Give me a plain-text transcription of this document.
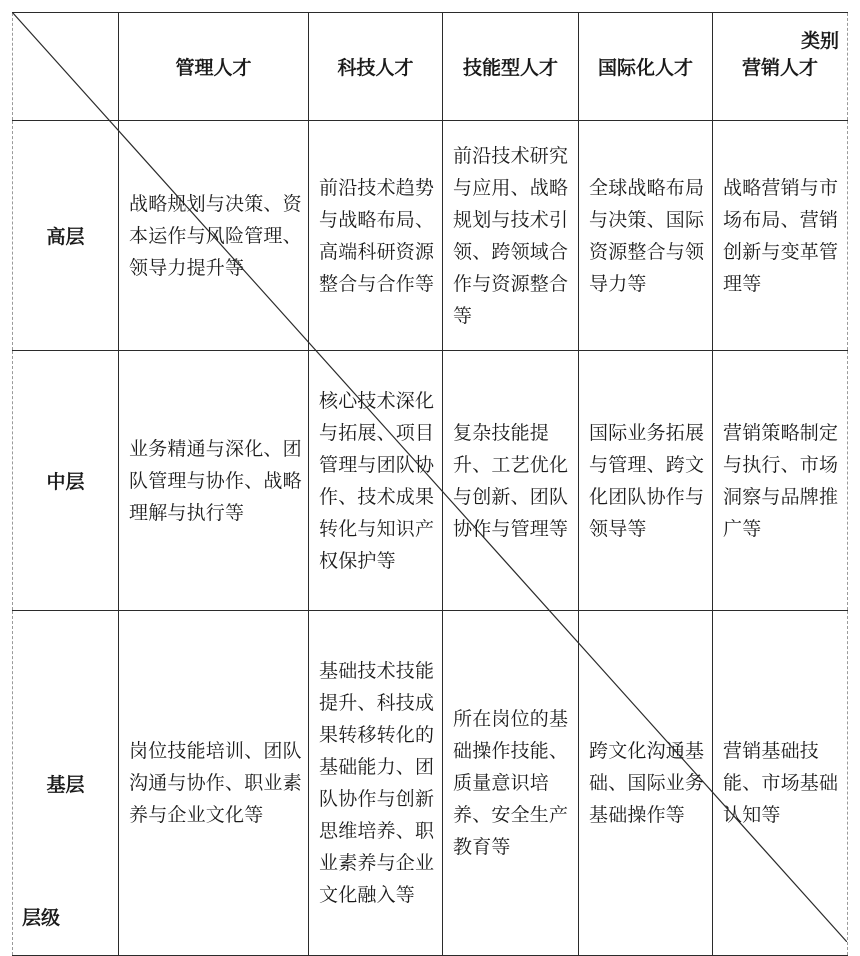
类别
层级	管理人才	科技人才	技能型人才	国际化人才	营销人才
高层	战略规划与决策、资本运作与风险管理、领导力提升等	前沿技术趋势与战略布局、高端科研资源整合与合作等	前沿技术研究与应用、战略规划与技术引领、跨领域合作与资源整合等	全球战略布局与决策、国际资源整合与领导力等	战略营销与市场布局、营销创新与变革管理等
中层	业务精通与深化、团队管理与协作、战略理解与执行等	核心技术深化与拓展、项目管理与团队协作、技术成果转化与知识产权保护等	复杂技能提升、工艺优化与创新、团队协作与管理等	国际业务拓展与管理、跨文化团队协作与领导等	营销策略制定与执行、市场洞察与品牌推广等
基层	岗位技能培训、团队沟通与协作、职业素养与企业文化等	基础技术技能提升、科技成果转移转化的基础能力、团队协作与创新思维培养、职业素养与企业文化融入等	所在岗位的基础操作技能、质量意识培养、安全生产教育等	跨文化沟通基础、国际业务基础操作等	营销基础技能、市场基础认知等
